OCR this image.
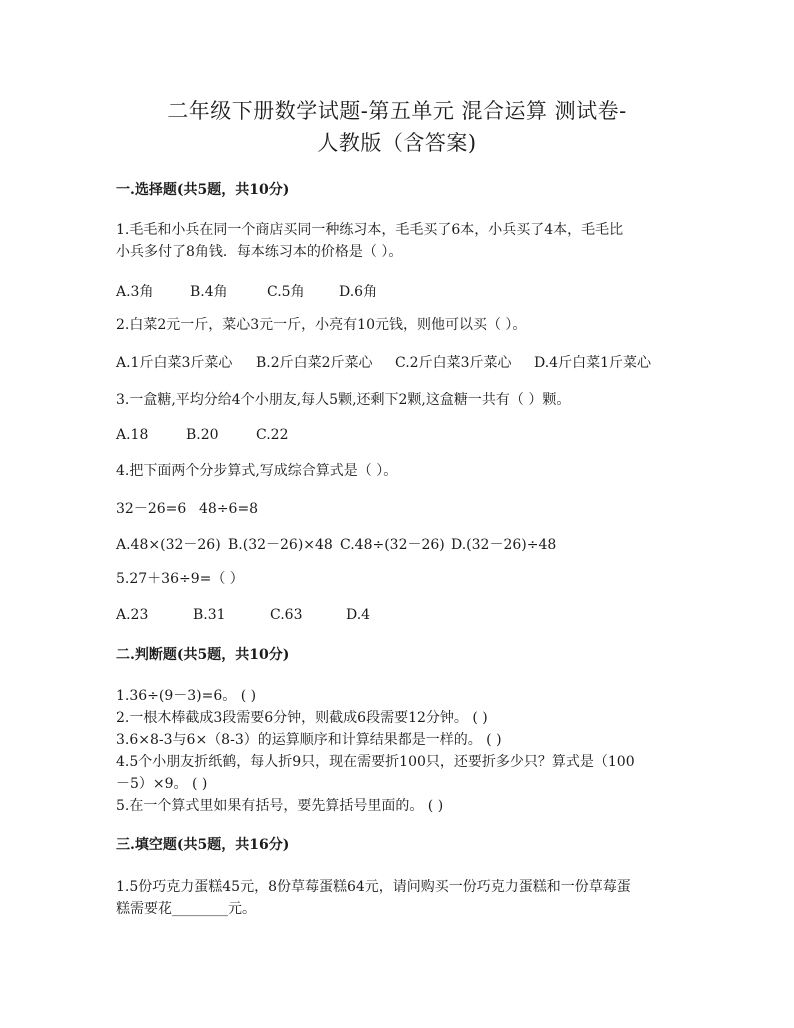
二年级下册数学试题-第五单元 混合运算 测试卷-
人教版（含答案)
一.选择题(共5题，共10分)
1.毛毛和小兵在同一个商店买同一种练习本，毛毛买了6本，小兵买了4本，毛毛比
小兵多付了8角钱．每本练习本的价格是（ ）。
A.3角	B.4角	C.5角 D.6角
2.白菜2元一斤，菜心3元一斤，小亮有10元钱，则他可以买（ ）。
A.1斤白菜3斤菜心 B.2斤白菜2斤菜心 C.2斤白菜3斤菜心 D.4斤白菜1斤菜心
3.一盒糖,平均分给4个小朋友,每人5颗,还剩下2颗,这盒糖一共有（ ）颗。
A.18	B.20	C.22
4.把下面两个分步算式,写成综合算式是（ ）。
32－26=6 48÷6=8
A.48×(32－26) B.(32－26)×48 C.48÷(32－26) D.(32－26)÷48
5.27＋36÷9=（ ）
A.23	B.31	C.63	D.4
二.判断题(共5题，共10分)
1.36÷(9－3)=6。 ( )
2.一根木棒截成3段需要6分钟，则截成6段需要12分钟。 ( )
3.6×8-3与6×（8-3）的运算顺序和计算结果都是一样的。 ( )
4.5个小朋友折纸鹤，每人折9只，现在需要折100只，还要折多少只？算式是（100
－5）×9。 ( )
5.在一个算式里如果有括号，要先算括号里面的。 ( )
三.填空题(共5题，共16分)
1.5份巧克力蛋糕45元，8份草莓蛋糕64元，请问购买一份巧克力蛋糕和一份草莓蛋
糕需要花________元。
